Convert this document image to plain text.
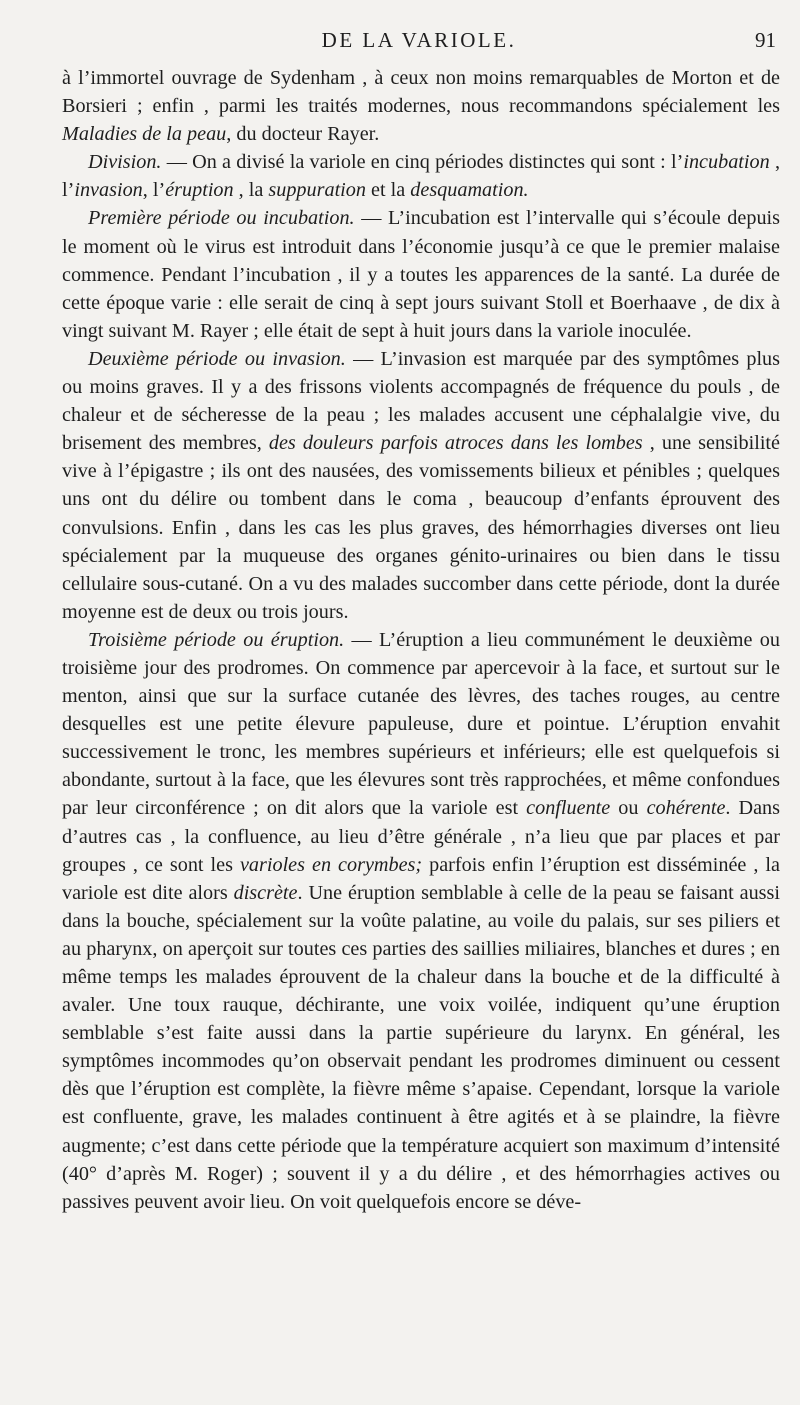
DE LA VARIOLE.	91

à l’immortel ouvrage de Sydenham , à ceux non moins remarquables de Morton et de Borsieri ; enfin , parmi les traités modernes, nous recommandons spécialement les Maladies de la peau, du docteur Rayer.

Division. — On a divisé la variole en cinq périodes distinctes qui sont : l’incubation , l’invasion, l’éruption , la suppuration et la desquamation.

Première période ou incubation. — L’incubation est l’intervalle qui s’écoule depuis le moment où le virus est introduit dans l’économie jusqu’à ce que le premier malaise commence. Pendant l’incubation , il y a toutes les apparences de la santé. La durée de cette époque varie : elle serait de cinq à sept jours suivant Stoll et Boerhaave , de dix à vingt suivant M. Rayer ; elle était de sept à huit jours dans la variole inoculée.

Deuxième période ou invasion. — L’invasion est marquée par des symptômes plus ou moins graves. Il y a des frissons violents accompagnés de fréquence du pouls , de chaleur et de sécheresse de la peau ; les malades accusent une céphalalgie vive, du brisement des membres, des douleurs parfois atroces dans les lombes , une sensibilité vive à l’épigastre ; ils ont des nausées, des vomissements bilieux et pénibles ; quelques uns ont du délire ou tombent dans le coma , beaucoup d’enfants éprouvent des convulsions. Enfin , dans les cas les plus graves, des hémorrhagies diverses ont lieu spécialement par la muqueuse des organes génito-urinaires ou bien dans le tissu cellulaire sous-cutané. On a vu des malades succomber dans cette période, dont la durée moyenne est de deux ou trois jours.

Troisième période ou éruption. — L’éruption a lieu communément le deuxième ou troisième jour des prodromes. On commence par apercevoir à la face, et surtout sur le menton, ainsi que sur la surface cutanée des lèvres, des taches rouges, au centre desquelles est une petite élevure papuleuse, dure et pointue. L’éruption envahit successivement le tronc, les membres supérieurs et inférieurs; elle est quelquefois si abondante, surtout à la face, que les élevures sont très rapprochées, et même confondues par leur circonférence ; on dit alors que la variole est confluente ou cohérente. Dans d’autres cas , la confluence, au lieu d’être générale , n’a lieu que par places et par groupes , ce sont les varioles en corymbes; parfois enfin l’éruption est disséminée , la variole est dite alors discrète. Une éruption semblable à celle de la peau se faisant aussi dans la bouche, spécialement sur la voûte palatine, au voile du palais, sur ses piliers et au pharynx, on aperçoit sur toutes ces parties des saillies miliaires, blanches et dures ; en même temps les malades éprouvent de la chaleur dans la bouche et de la difficulté à avaler. Une toux rauque, déchirante, une voix voilée, indiquent qu’une éruption semblable s’est faite aussi dans la partie supérieure du larynx. En général, les symptômes incommodes qu’on observait pendant les prodromes diminuent ou cessent dès que l’éruption est complète, la fièvre même s’apaise. Cependant, lorsque la variole est confluente, grave, les malades continuent à être agités et à se plaindre, la fièvre augmente; c’est dans cette période que la température acquiert son maximum d’intensité (40° d’après M. Roger) ; souvent il y a du délire , et des hémorrhagies actives ou passives peuvent avoir lieu. On voit quelquefois encore se déve-
